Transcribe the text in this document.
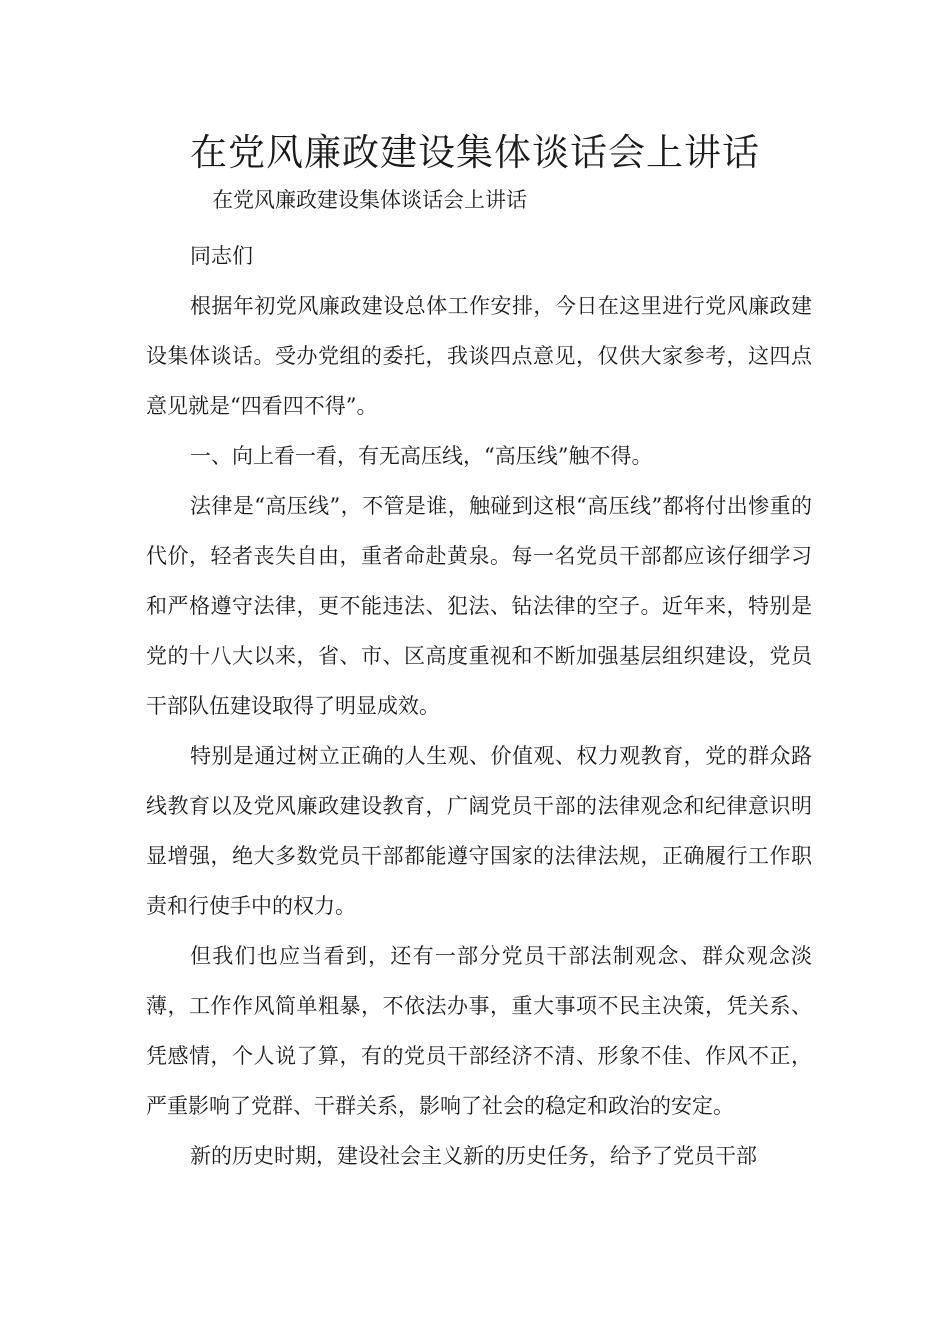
在党风廉政建设集体谈话会上讲话

在党风廉政建设集体谈话会上讲话

同志们

根据年初党风廉政建设总体工作安排，今日在这里进行党风廉政建设集体谈话。受办党组的委托，我谈四点意见，仅供大家参考，这四点意见就是“四看四不得”。

一、向上看一看，有无高压线，“高压线”触不得。

法律是“高压线”，不管是谁，触碰到这根“高压线”都将付出惨重的代价，轻者丧失自由，重者命赴黄泉。每一名党员干部都应该仔细学习和严格遵守法律，更不能违法、犯法、钻法律的空子。近年来，特别是党的十八大以来，省、市、区高度重视和不断加强基层组织建设，党员干部队伍建设取得了明显成效。

特别是通过树立正确的人生观、价值观、权力观教育，党的群众路线教育以及党风廉政建设教育，广阔党员干部的法律观念和纪律意识明显增强，绝大多数党员干部都能遵守国家的法律法规，正确履行工作职责和行使手中的权力。

但我们也应当看到，还有一部分党员干部法制观念、群众观念淡薄，工作作风简单粗暴，不依法办事，重大事项不民主决策，凭关系、凭感情，个人说了算，有的党员干部经济不清、形象不佳、作风不正，严重影响了党群、干群关系，影响了社会的稳定和政治的安定。

新的历史时期，建设社会主义新的历史任务，给予了党员干部
